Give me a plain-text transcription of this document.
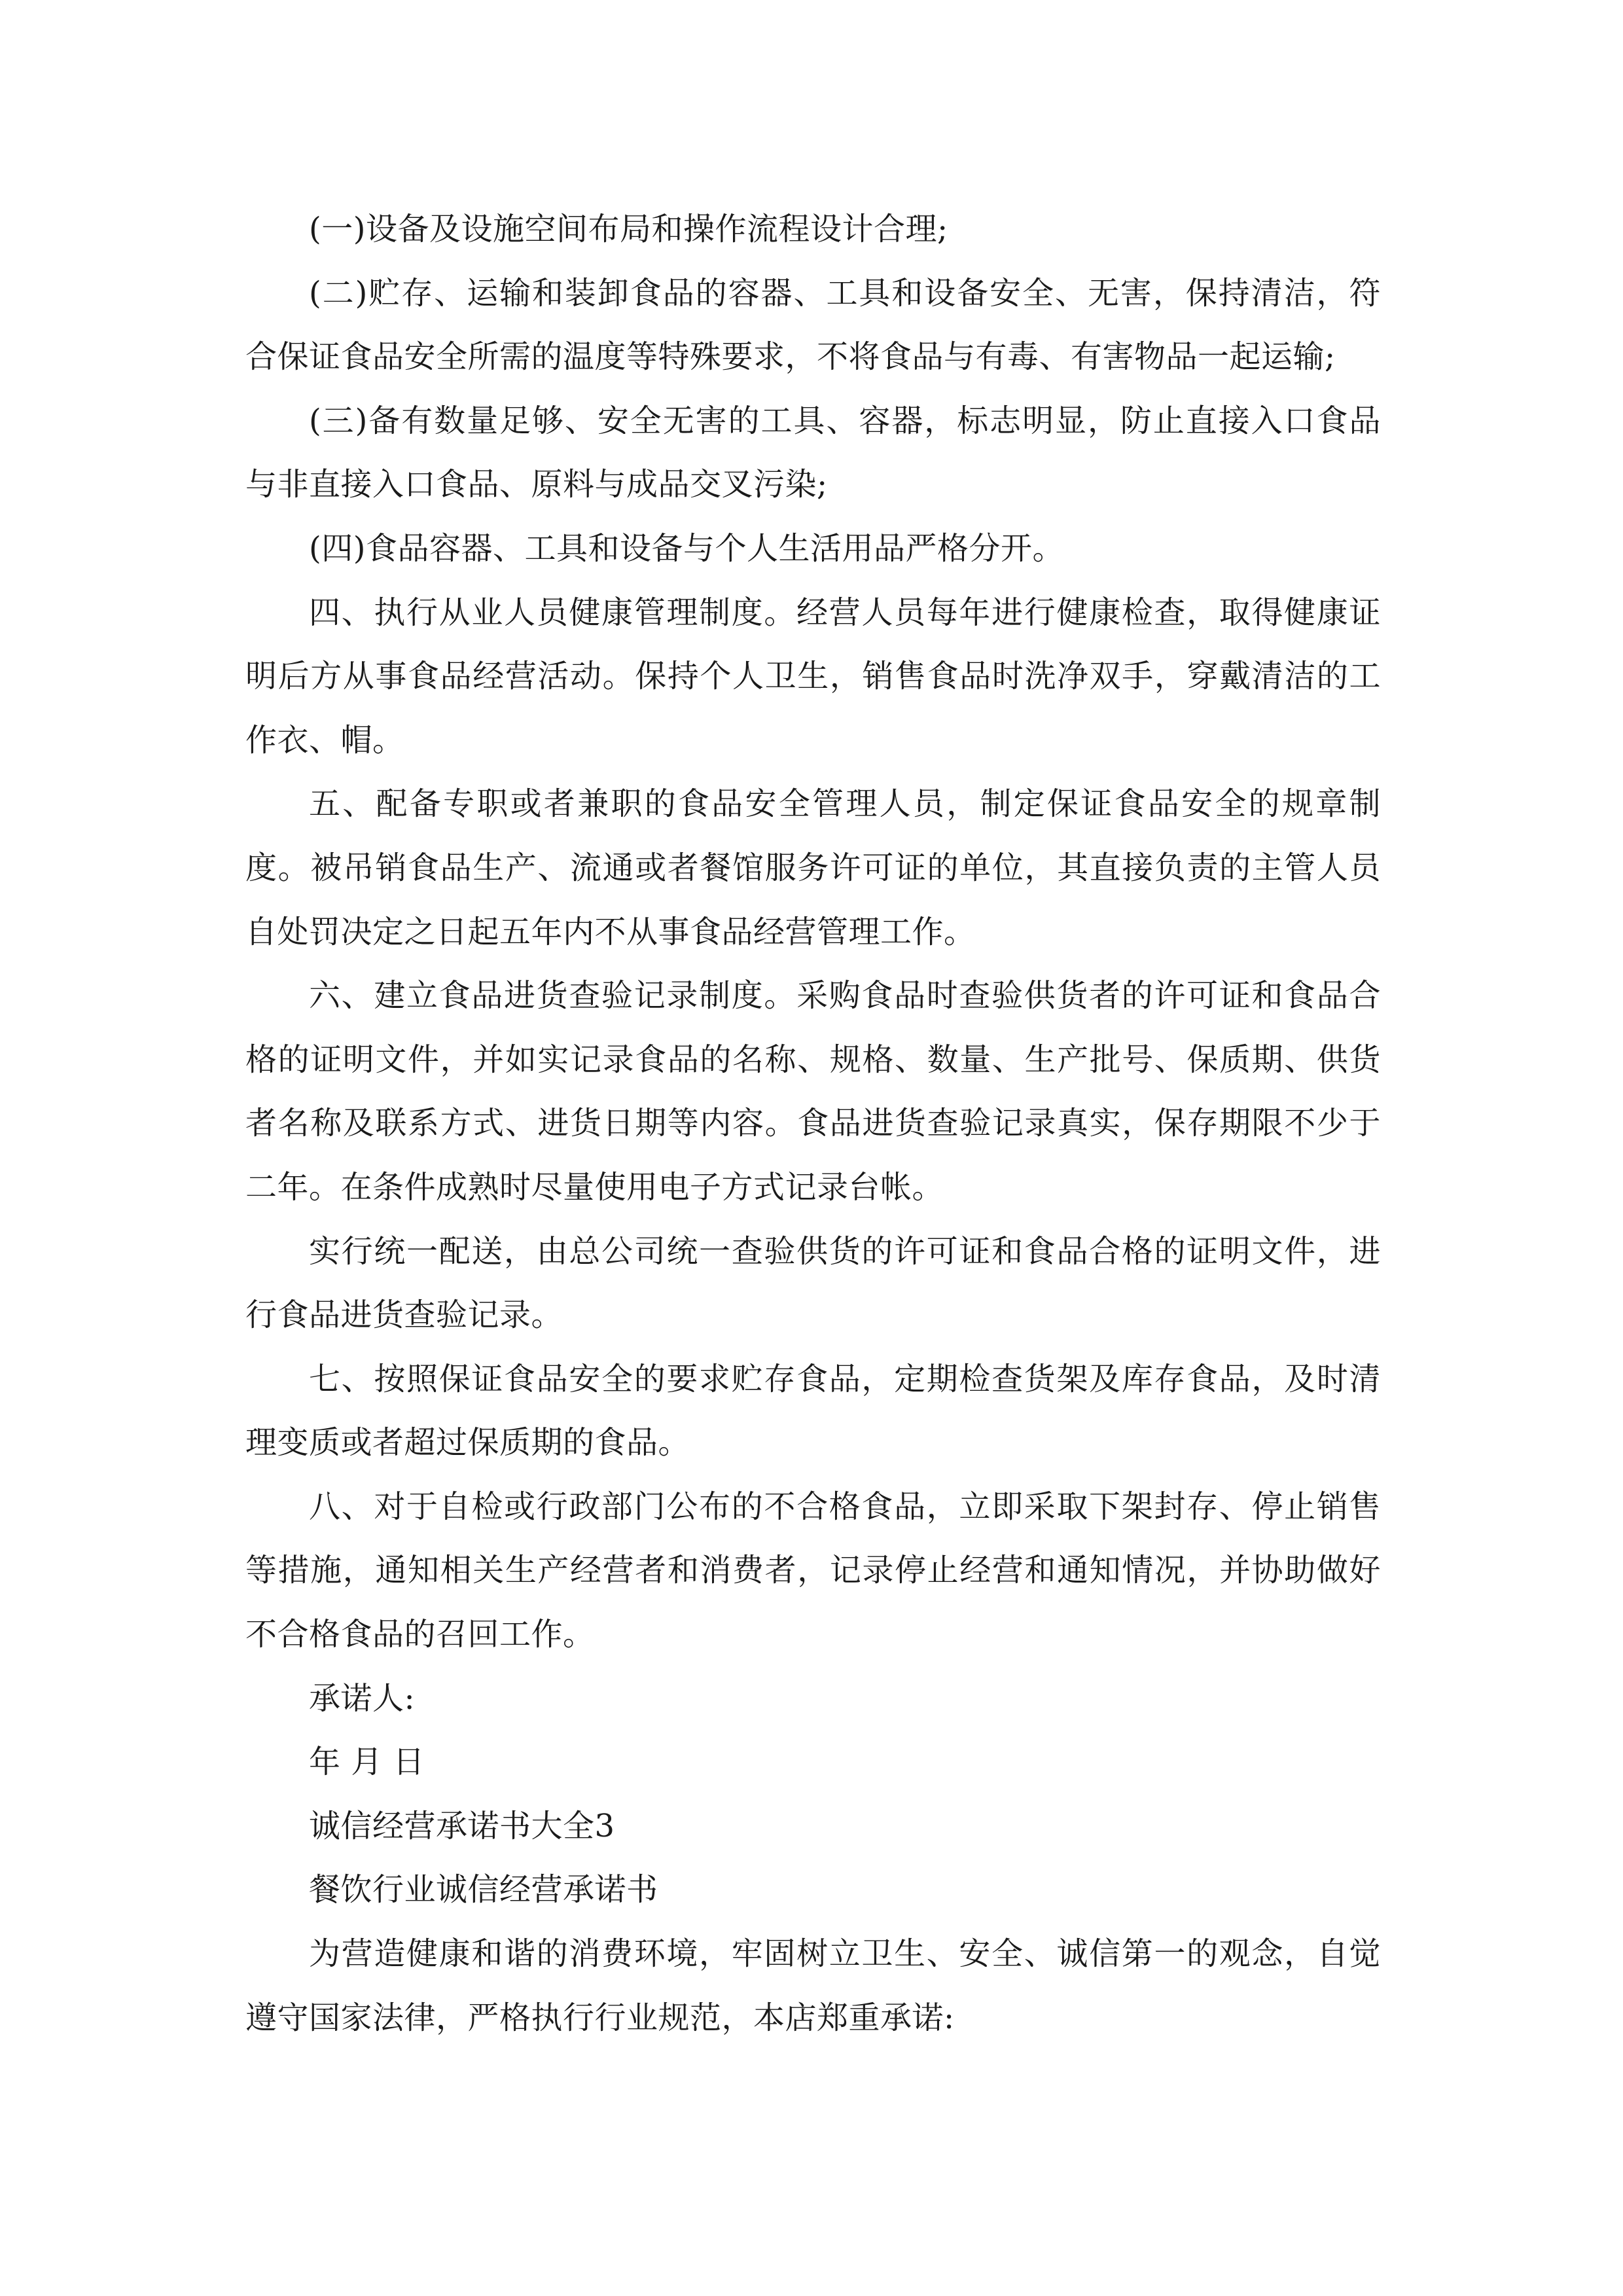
(一)设备及设施空间布局和操作流程设计合理;

(二)贮存、运输和装卸食品的容器、工具和设备安全、无害，保持清洁，符合保证食品安全所需的温度等特殊要求，不将食品与有毒、有害物品一起运输;

(三)备有数量足够、安全无害的工具、容器，标志明显，防止直接入口食品与非直接入口食品、原料与成品交叉污染;

(四)食品容器、工具和设备与个人生活用品严格分开。

四、执行从业人员健康管理制度。经营人员每年进行健康检查，取得健康证明后方从事食品经营活动。保持个人卫生，销售食品时洗净双手，穿戴清洁的工作衣、帽。

五、配备专职或者兼职的食品安全管理人员，制定保证食品安全的规章制度。被吊销食品生产、流通或者餐馆服务许可证的单位，其直接负责的主管人员自处罚决定之日起五年内不从事食品经营管理工作。

六、建立食品进货查验记录制度。采购食品时查验供货者的许可证和食品合格的证明文件，并如实记录食品的名称、规格、数量、生产批号、保质期、供货者名称及联系方式、进货日期等内容。食品进货查验记录真实，保存期限不少于二年。在条件成熟时尽量使用电子方式记录台帐。

实行统一配送，由总公司统一查验供货的许可证和食品合格的证明文件，进行食品进货查验记录。

七、按照保证食品安全的要求贮存食品，定期检查货架及库存食品，及时清理变质或者超过保质期的食品。

八、对于自检或行政部门公布的不合格食品，立即采取下架封存、停止销售等措施，通知相关生产经营者和消费者，记录停止经营和通知情况，并协助做好不合格食品的召回工作。

承诺人:

年 月 日

诚信经营承诺书大全3

餐饮行业诚信经营承诺书

为营造健康和谐的消费环境，牢固树立卫生、安全、诚信第一的观念，自觉遵守国家法律，严格执行行业规范，本店郑重承诺:
